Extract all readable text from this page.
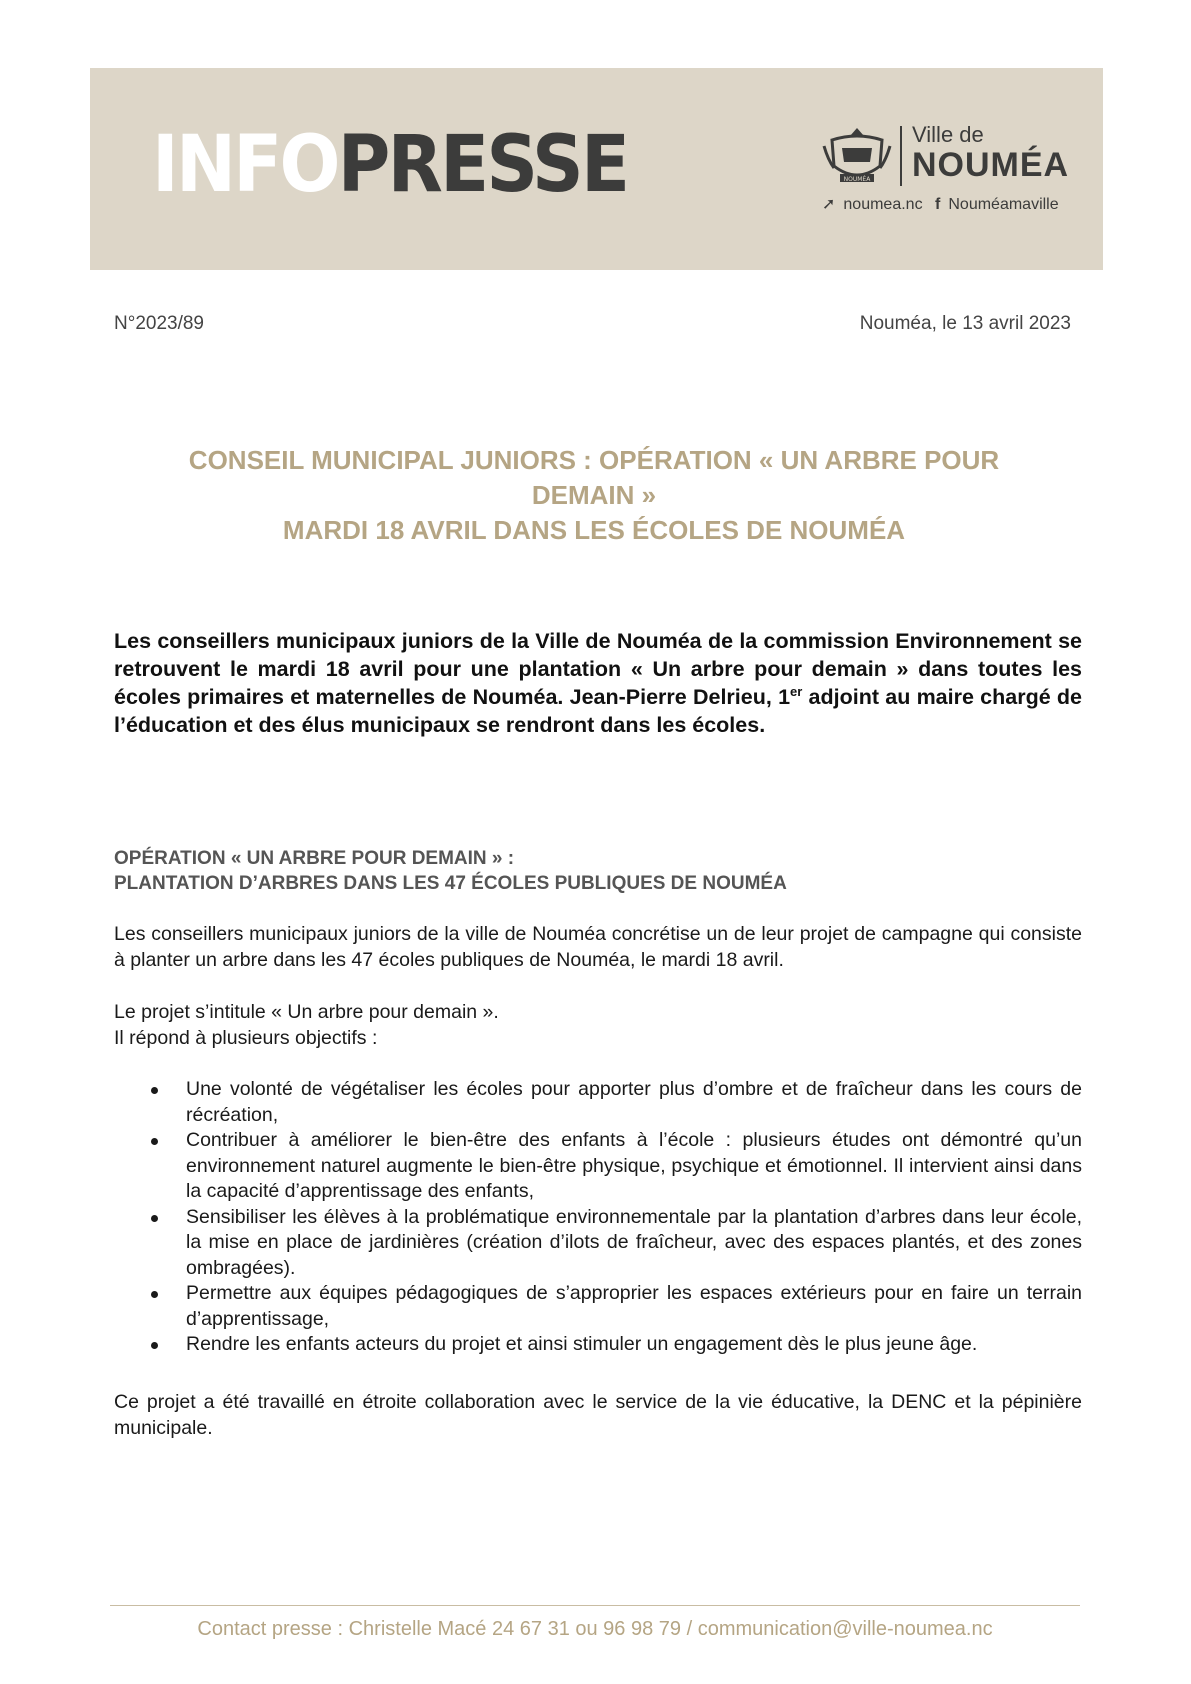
INFOPRESSE	NOUMÉA
Ville de
NOUMÉA
➚ noumea.nc f Nouméamaville
N°2023/89	Nouméa, le 13 avril 2023
CONSEIL MUNICIPAL JUNIORS : OPÉRATION « UN ARBRE POUR
DEMAIN »
MARDI 18 AVRIL DANS LES ÉCOLES DE NOUMÉA
Les conseillers municipaux juniors de la Ville de Nouméa de la commission Environnement se retrouvent le mardi 18 avril pour une plantation « Un arbre pour demain » dans toutes les écoles primaires et maternelles de Nouméa. Jean-Pierre Delrieu, 1er adjoint au maire chargé de l’éducation et des élus municipaux se rendront dans les écoles.
OPÉRATION « UN ARBRE POUR DEMAIN » :
PLANTATION D’ARBRES DANS LES 47 ÉCOLES PUBLIQUES DE NOUMÉA
Les conseillers municipaux juniors de la ville de Nouméa concrétise un de leur projet de campagne qui consiste à planter un arbre dans les 47 écoles publiques de Nouméa, le mardi 18 avril.
Le projet s’intitule « Un arbre pour demain ».
Il répond à plusieurs objectifs :
Une volonté de végétaliser les écoles pour apporter plus d’ombre et de fraîcheur dans les cours de récréation,
Contribuer à améliorer le bien-être des enfants à l’école : plusieurs études ont démontré qu’un environnement naturel augmente le bien-être physique, psychique et émotionnel. Il intervient ainsi dans la capacité d’apprentissage des enfants,
Sensibiliser les élèves à la problématique environnementale par la plantation d’arbres dans leur école, la mise en place de jardinières (création d’ilots de fraîcheur, avec des espaces plantés, et des zones ombragées).
Permettre aux équipes pédagogiques de s’approprier les espaces extérieurs pour en faire un terrain d’apprentissage,
Rendre les enfants acteurs du projet et ainsi stimuler un engagement dès le plus jeune âge.
Ce projet a été travaillé en étroite collaboration avec le service de la vie éducative, la DENC et la pépinière municipale.
Contact presse : Christelle Macé 24 67 31 ou 96 98 79 / communication@ville-noumea.nc
